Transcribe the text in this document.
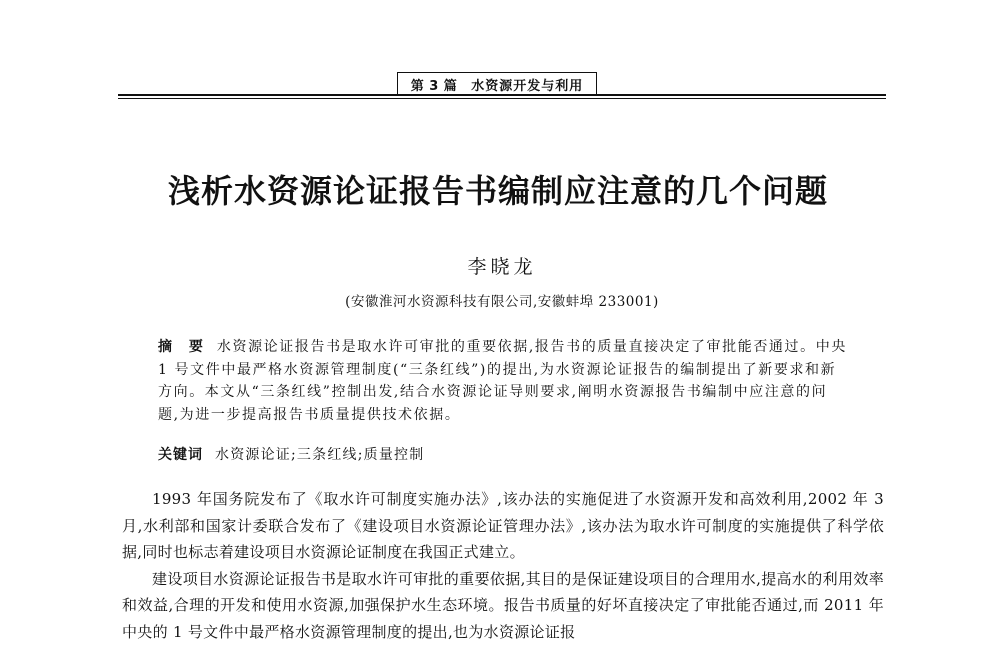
第 3 篇 水资源开发与利用
浅析水资源论证报告书编制应注意的几个问题
李晓龙
(安徽淮河水资源科技有限公司,安徽蚌埠 233001)

摘 要 水资源论证报告书是取水许可审批的重要依据,报告书的质量直接决定了审批能否通过。中央 1 号文件中最严格水资源管理制度(“三条红线”)的提出,为水资源论证报告的编制提出了新要求和新方向。本文从“三条红线”控制出发,结合水资源论证导则要求,阐明水资源报告书编制中应注意的问题,为进一步提高报告书质量提供技术依据。

关键词 水资源论证;三条红线;质量控制

1993 年国务院发布了《取水许可制度实施办法》,该办法的实施促进了水资源开发和高效利用,2002 年 3 月,水利部和国家计委联合发布了《建设项目水资源论证管理办法》,该办法为取水许可制度的实施提供了科学依据,同时也标志着建设项目水资源论证制度在我国正式建立。

建设项目水资源论证报告书是取水许可审批的重要依据,其目的是保证建设项目的合理用水,提高水的利用效率和效益,合理的开发和使用水资源,加强保护水生态环境。报告书质量的好坏直接决定了审批能否通过,而 2011 年中央的 1 号文件中最严格水资源管理制度的提出,也为水资源论证报
